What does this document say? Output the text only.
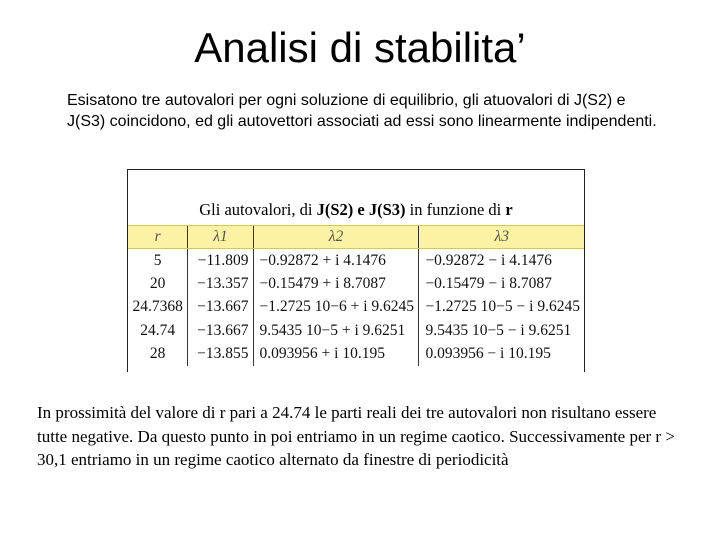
Analisi di stabilita’
Esisatono tre autovalori per ogni soluzione di equilibrio, gli atuovalori di J(S2) e J(S3) coincidono, ed gli autovettori associati ad essi sono linearmente indipendenti.
Gli autovalori, di J(S2) e J(S3) in funzione di r
r	λ1	λ2	λ3
5	−11.809	−0.92872 + i 4.1476	−0.92872 − i 4.1476
20	−13.357	−0.15479 + i 8.7087	−0.15479 − i 8.7087
24.7368	−13.667	−1.2725 10−6 + i 9.6245	−1.2725 10−5 − i 9.6245
24.74	−13.667	9.5435 10−5 + i 9.6251	9.5435 10−5 − i 9.6251
28	−13.855	0.093956 + i 10.195	0.093956 − i 10.195
In prossimità del valore di r pari a 24.74 le parti reali dei tre autovalori non risultano essere tutte negative. Da questo punto in poi entriamo in un regime caotico. Successivamente per r > 30,1 entriamo in un regime caotico alternato da finestre di periodicità
